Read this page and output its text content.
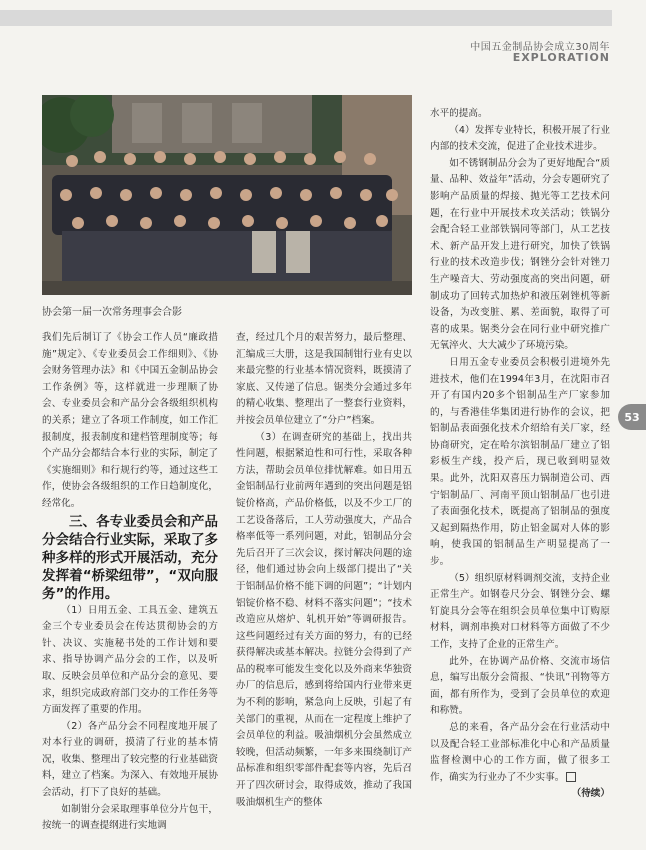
中国五金制品协会成立30周年
EXPLORATION
协会第一届一次常务理事会合影

我们先后制订了《协会工作人员“廉政措施”规定》、《专业委员会工作细则》、《协会财务管理办法》和《中国五金制品协会工作条例》等，这样就进一步理顺了协会、专业委员会和产品分会各级组织机构的关系；建立了各项工作制度，如工作汇报制度，报表制度和建档管理制度等；每个产品分会都结合本行业的实际，制定了《实施细则》和行规行约等，通过这些工作，使协会各级组织的工作日趋制度化，经常化。

三、各专业委员会和产品分会结合行业实际，采取了多种多样的形式开展活动，充分发挥着“桥梁纽带”，“双向服务”的作用。

（1）日用五金、工具五金、建筑五金三个专业委员会在传达贯彻协会的方针、决议、实施秘书处的工作计划和要求、指导协调产品分会的工作，以及听取、反映会员单位和产品分会的意见、要求，组织完成政府部门交办的工作任务等方面发挥了重要的作用。

（2）各产品分会不同程度地开展了对本行业的调研，摸清了行业的基本情况，收集、整理出了较完整的行业基础资料，建立了档案。为深入、有效地开展协会活动，打下了良好的基础。

如制钳分会采取理事单位分片包干，按统一的调查提纲进行实地调

查，经过几个月的艰苦努力，最后整理、汇编成三大册，这是我国制钳行业有史以来最完整的行业基本情况资料，既摸清了家底、又传递了信息。锯类分会通过多年的精心收集、整理出了一整套行业资料，并按会员单位建立了“分户”档案。

（3）在调查研究的基础上，找出共性问题，根据紧迫性和可行性，采取各种方法，帮助会员单位排忧解难。如日用五金铝制品行业前两年遇到的突出问题是铝锭价格高，产品价格低，以及不少工厂的工艺设备落后，工人劳动强度大，产品合格率低等一系列问题，对此，铝制品分会先后召开了三次会议，探讨解决问题的途径，他们通过协会向上级部门提出了“关于铝制品价格不能下调的问题”；“计划内铝锭价格不稳、材料不落实问题”；“技术改造应从熔炉、轧机开始”等调研报告。这些问题经过有关方面的努力，有的已经获得解决或基本解决。拉链分会得到了产品的税率可能发生变化以及外商来华独资办厂的信息后，感到将给国内行业带来更为不利的影响，紧急向上反映，引起了有关部门的重视，从而在一定程度上维护了会员单位的利益。吸油烟机分会虽然成立较晚，但活动频繁，一年多来围绕制订产品标准和组织零部件配套等内容，先后召开了四次研讨会，取得成效，推动了我国吸油烟机生产的整体

水平的提高。

（4）发挥专业特长，积极开展了行业内部的技术交流，促进了企业技术进步。

如不锈钢制品分会为了更好地配合“质量、品种、效益年”活动，分会专题研究了影响产品质量的焊接、抛光等工艺技术问题，在行业中开展技术攻关活动；铁锅分会配合轻工业部铁锅同等部门，从工艺技术、新产品开发上进行研究，加快了铁锅行业的技术改造步伐；钢锉分会针对锉刀生产噪音大、劳动强度高的突出问题，研制成功了回转式加热炉和液压剁锉机等新设备，为改变脏、累、差面貌，取得了可喜的成果。锯类分会在同行业中研究推广无氧淬火、大大减少了环境污染。

日用五金专业委员会积极引进境外先进技术，他们在1994年3月，在沈阳市召开了有国内20多个铝制品生产厂家参加的，与香港佳华集团进行协作的会议，把铝制品表面强化技术介绍给有关厂家，经协商研究，定在哈尔滨铝制品厂建立了铝彩板生产线，投产后，现已收到明显效果。此外，沈阳双喜压力锅制造公司、西宁铝制品厂、河南平顶山铝制品厂也引进了表面强化技术，既提高了铝制品的强度又起到隔热作用，防止铝金属对人体的影响，使我国的铝制品生产明显提高了一步。

（5）组织原材料调剂交流，支持企业正常生产。如钢卷尺分会、钢锉分会、螺钉旋具分会等在组织会员单位集中订购原材料，调剂串换对口材料等方面做了不少工作，支持了企业的正常生产。

此外，在协调产品价格、交流市场信息，编写出版分会简报、“快讯”刊物等方面，都有所作为，受到了会员单位的欢迎和称赞。

总的来看，各产品分会在行业活动中以及配合轻工业部标准化中心和产品质量监督检测中心的工作方面，做了很多工作，确实为行业办了不少实事。

（待续）

53
